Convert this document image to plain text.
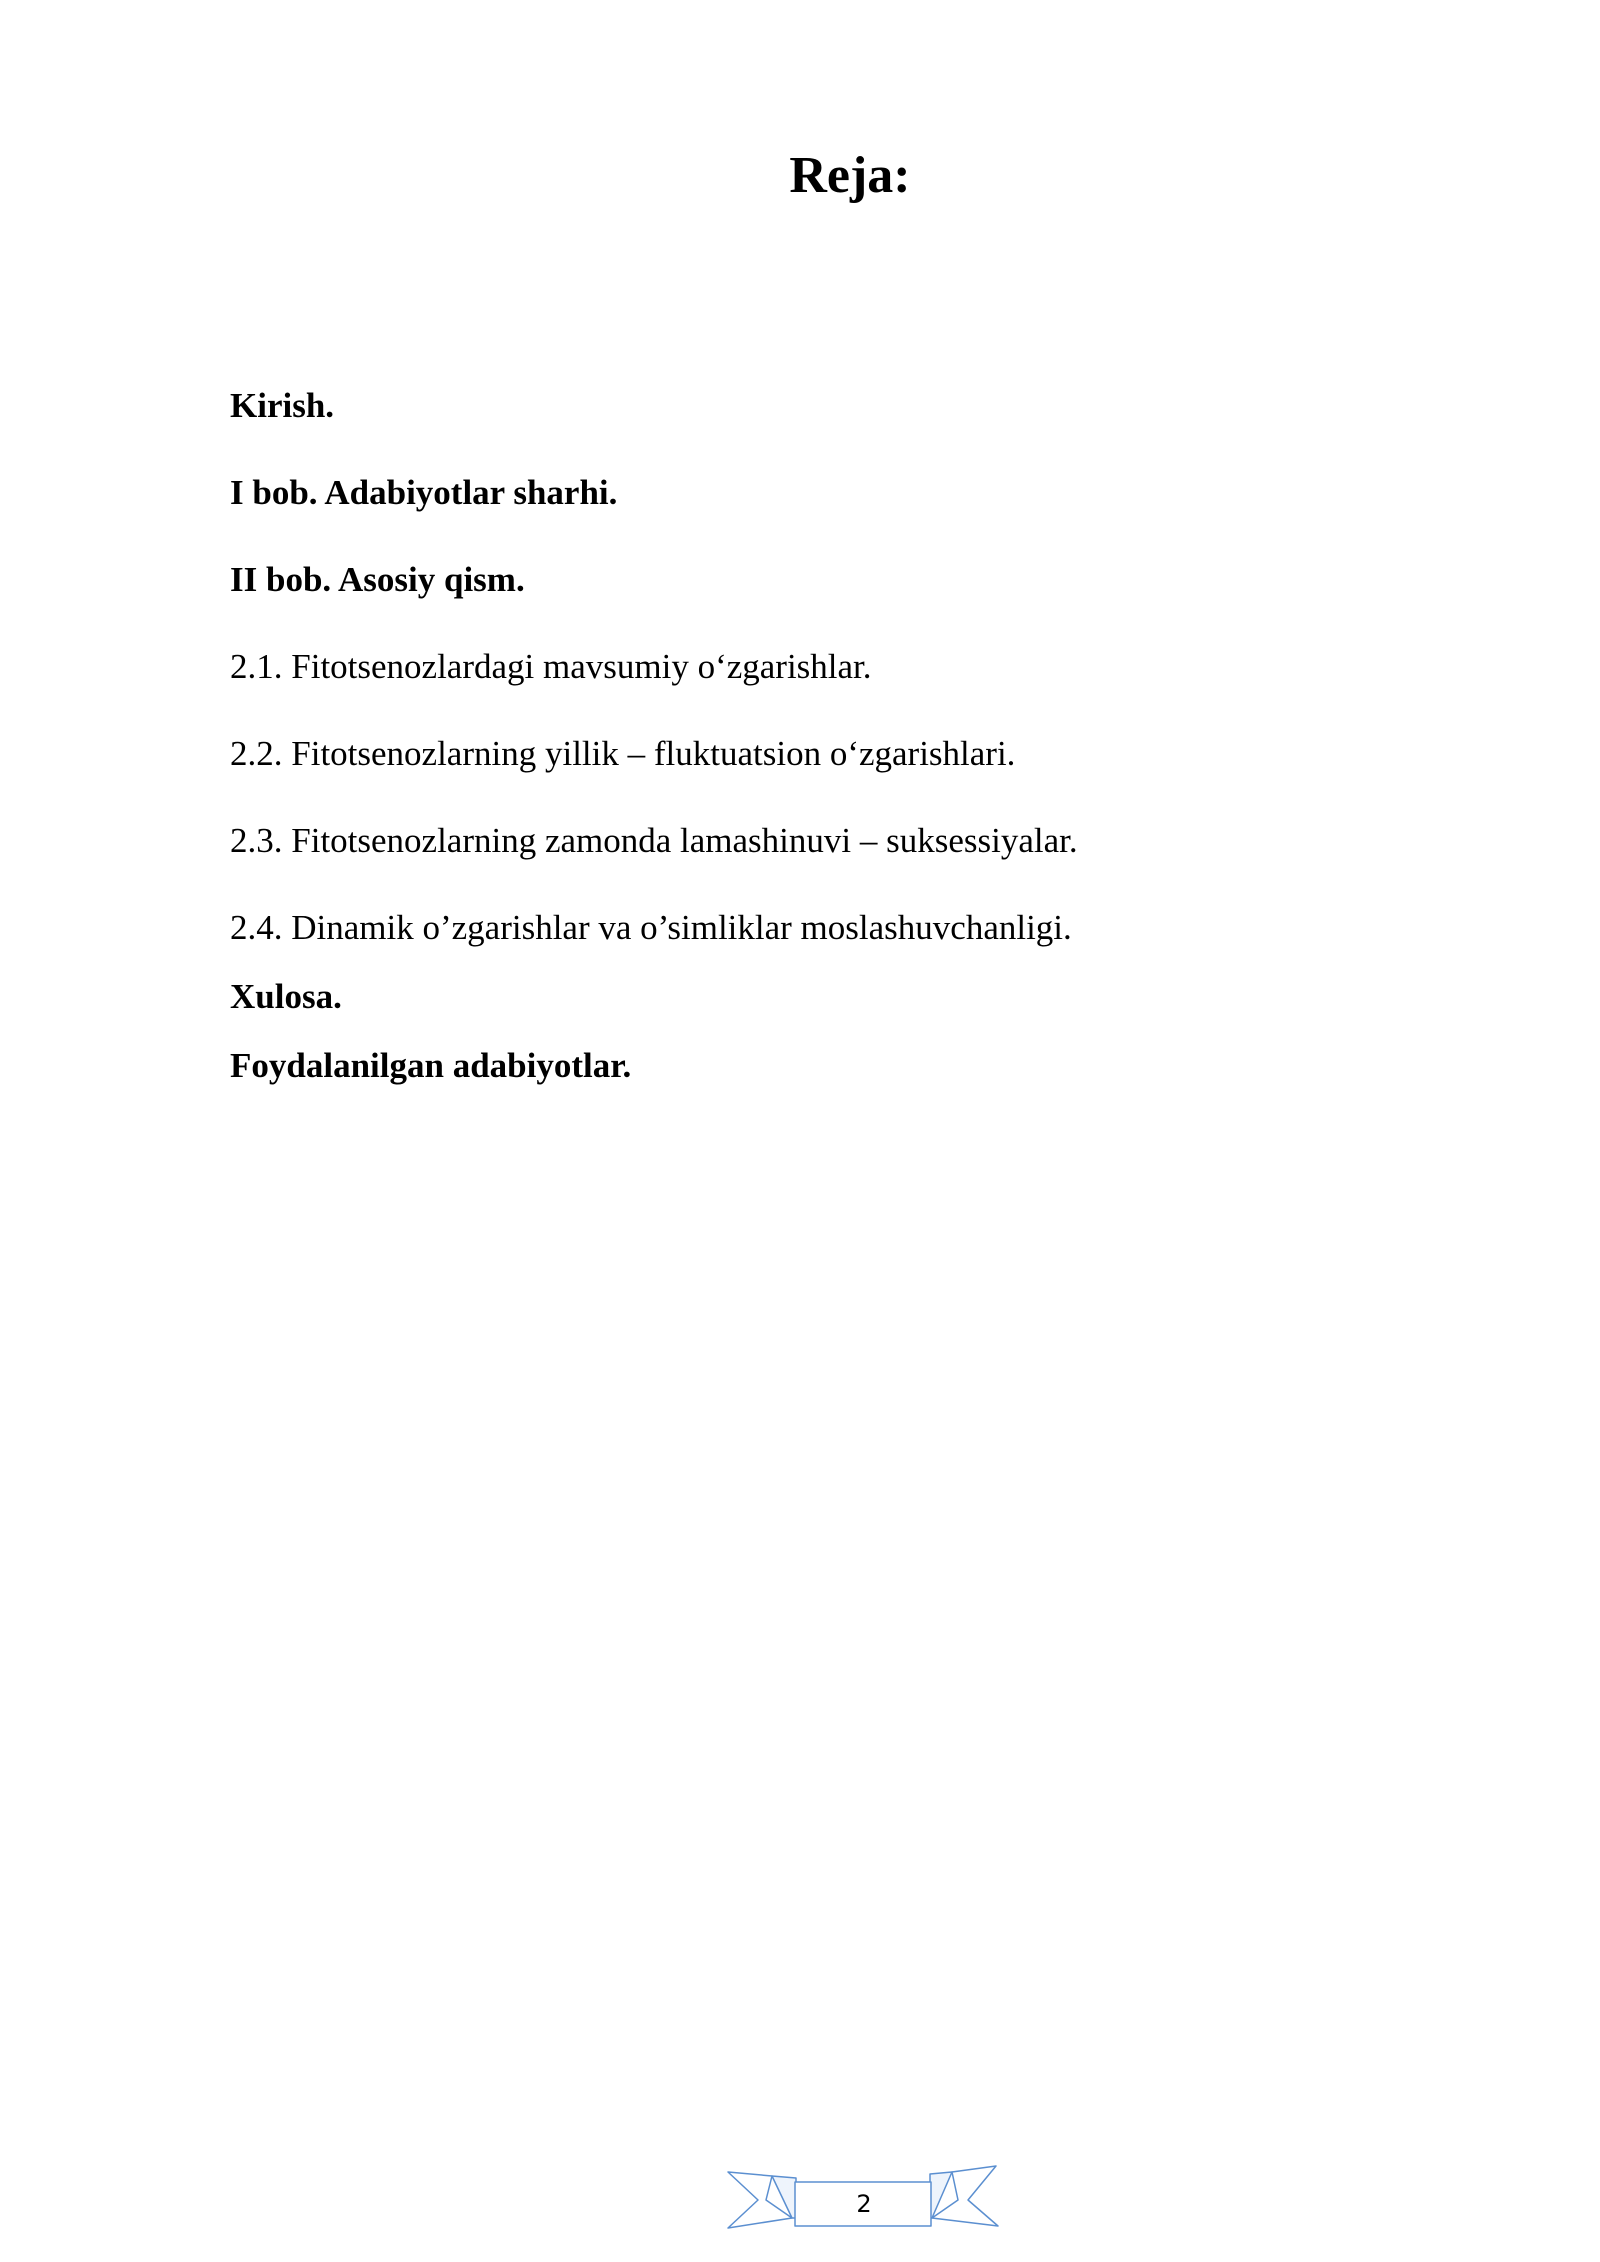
Reja:
Kirish.
I bob. Adabiyotlar sharhi.
II bob. Asosiy qism.
2.1. Fitotsenozlardagi mavsumiy o‘zgarishlar.
2.2. Fitotsenozlarning yillik – fluktuatsion o‘zgarishlari.
2.3. Fitotsenozlarning zamonda lamashinuvi – suksessiyalar.
2.4. Dinamik o’zgarishlar va o’simliklar moslashuvchanligi.
Xulosa.
Foydalanilgan adabiyotlar.
2
